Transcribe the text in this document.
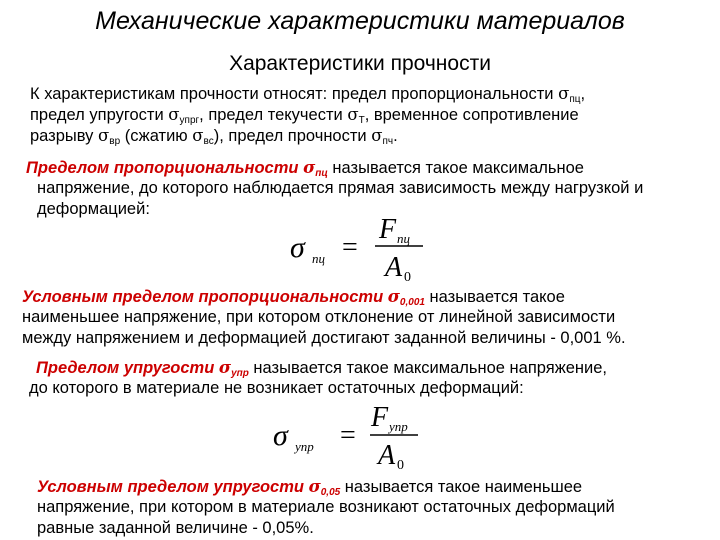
Механические характеристики материалов
Характеристики прочности
К характеристикам прочности относят: предел пропорциональности $\sigma_{пц}$,
предел упругости $\sigma_{упрг}$, предел текучести $\sigma_Т$, временное сопротивление
разрыву $\sigma_{вр}$ (сжатию $\sigma_{вс}$), предел прочности $\sigma_{пч}$.
Пределом пропорциональности $\sigma_{пц}$ называется такое максимальное
напряжение, до которого наблюдается прямая зависимость между нагрузкой и
деформацией:
σ пц =
F пц
A 0
Условным пределом пропорциональности $\sigma_{0,001}$ называется такое
наименьшее напряжение, при котором отклонение от линейной зависимости
между напряжением и деформацией достигают заданной величины - 0,001 %.
Пределом упругости $\sigma_{упр}$ называется такое максимальное напряжение,
до которого в материале не возникает остаточных деформаций:
σ упр =
F упр
A 0
Условным пределом упругости $\sigma_{0,05}$ называется такое наименьшее
напряжение, при котором в материале возникают остаточных деформаций
равные заданной величине - 0,05%.
